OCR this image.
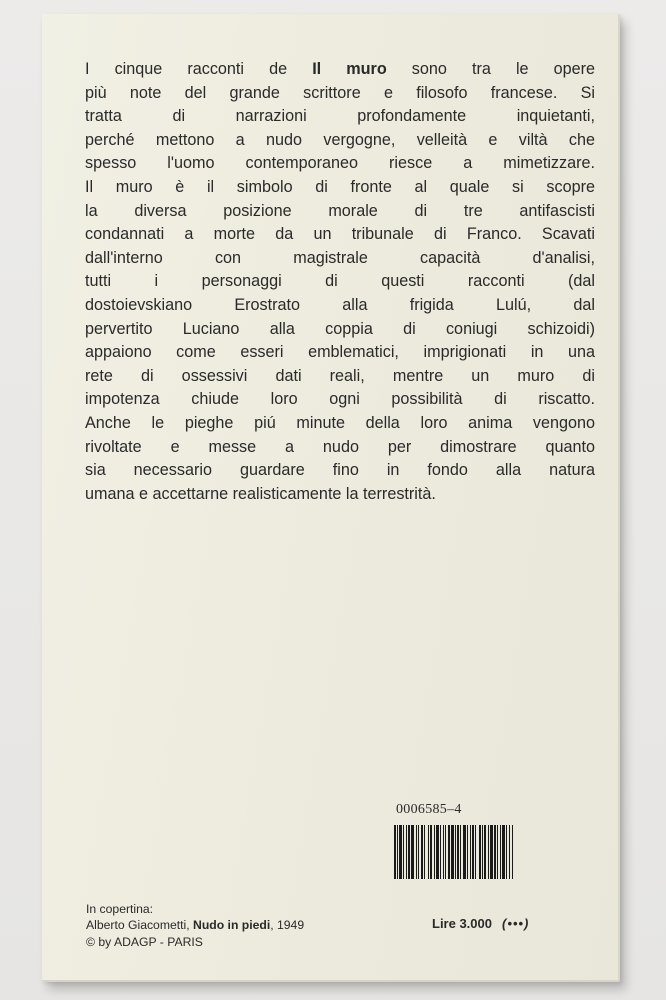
I cinque racconti de Il muro sono tra le opere
più note del grande scrittore e filosofo francese. Si
tratta di narrazioni profondamente inquietanti,
perché mettono a nudo vergogne, velleità e viltà che
spesso l'uomo contemporaneo riesce a mimetizzare.
Il muro è il simbolo di fronte al quale si scopre
la diversa posizione morale di tre antifascisti
condannati a morte da un tribunale di Franco. Scavati
dall'interno con magistrale capacità d'analisi,
tutti i personaggi di questi racconti (dal
dostoievskiano Erostrato alla frigida Lulú, dal
pervertito Luciano alla coppia di coniugi schizoidi)
appaiono come esseri emblematici, imprigionati in una
rete di ossessivi dati reali, mentre un muro di
impotenza chiude loro ogni possibilità di riscatto.
Anche le pieghe piú minute della loro anima vengono
rivoltate e messe a nudo per dimostrare quanto
sia necessario guardare fino in fondo alla natura
umana e accettarne realisticamente la terrestrità.
0006585–4
In copertina:
Alberto Giacometti, Nudo in piedi, 1949
© by ADAGP - PARIS
Lire 3.000 (•••)
